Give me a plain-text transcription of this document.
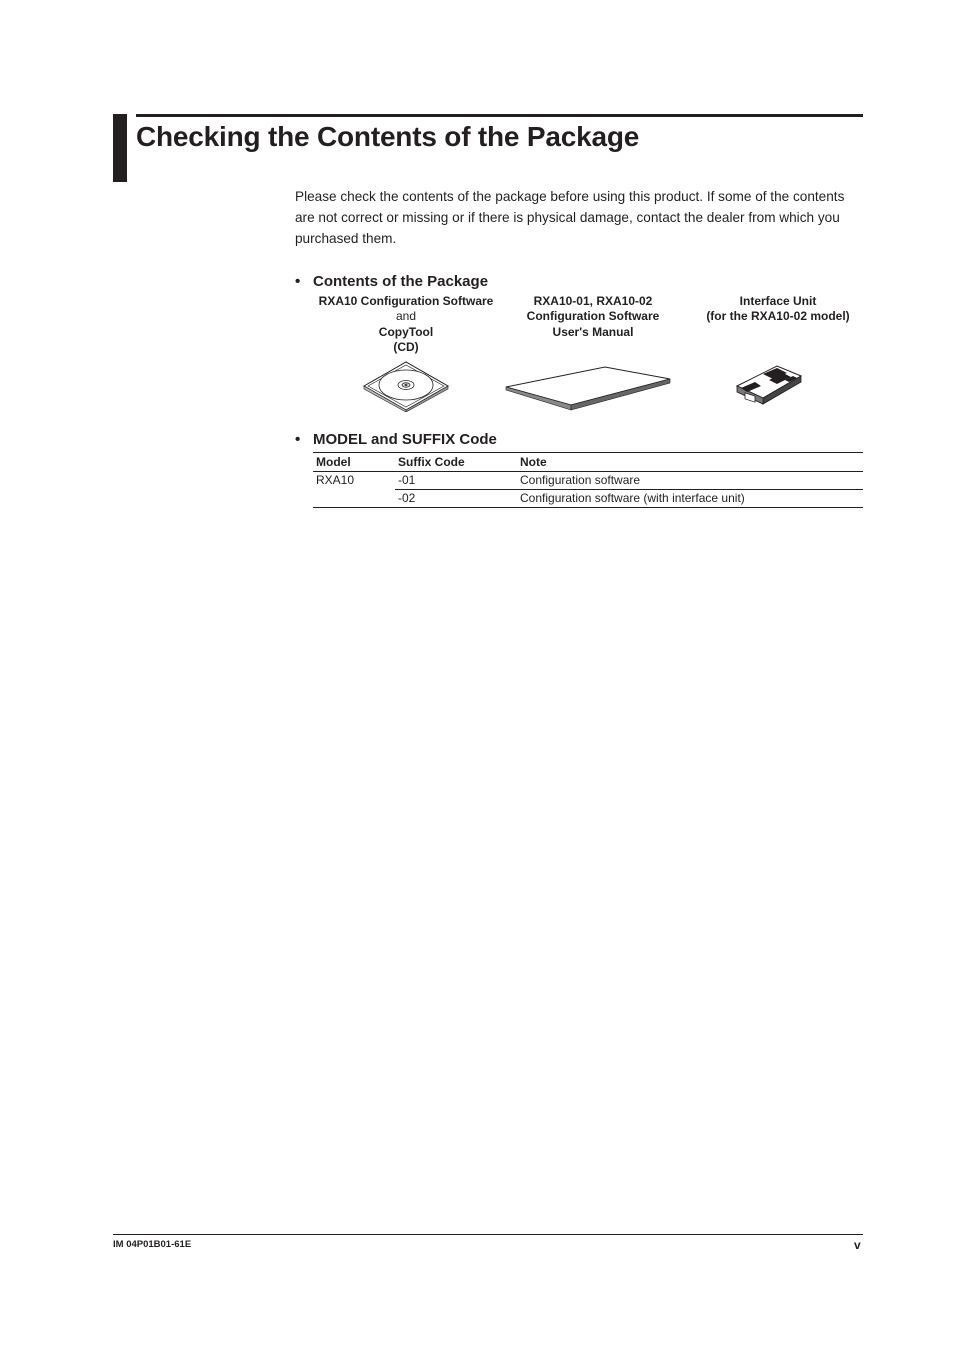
Checking the Contents of the Package

Please check the contents of the package before using this product. If some of the contents are not correct or missing or if there is physical damage, contact the dealer from which you purchased them.

• Contents of the Package

RXA10 Configuration Software
and
CopyTool
(CD)
RXA10-01, RXA10-02
Configuration Software
User's Manual
Interface Unit
(for the RXA10-02 model)

• MODEL and SUFFIX Code

Model	Suffix Code	Note
RXA10	-01	Configuration software
	-02	Configuration software (with interface unit)
IM 04P01B01-61E	v
